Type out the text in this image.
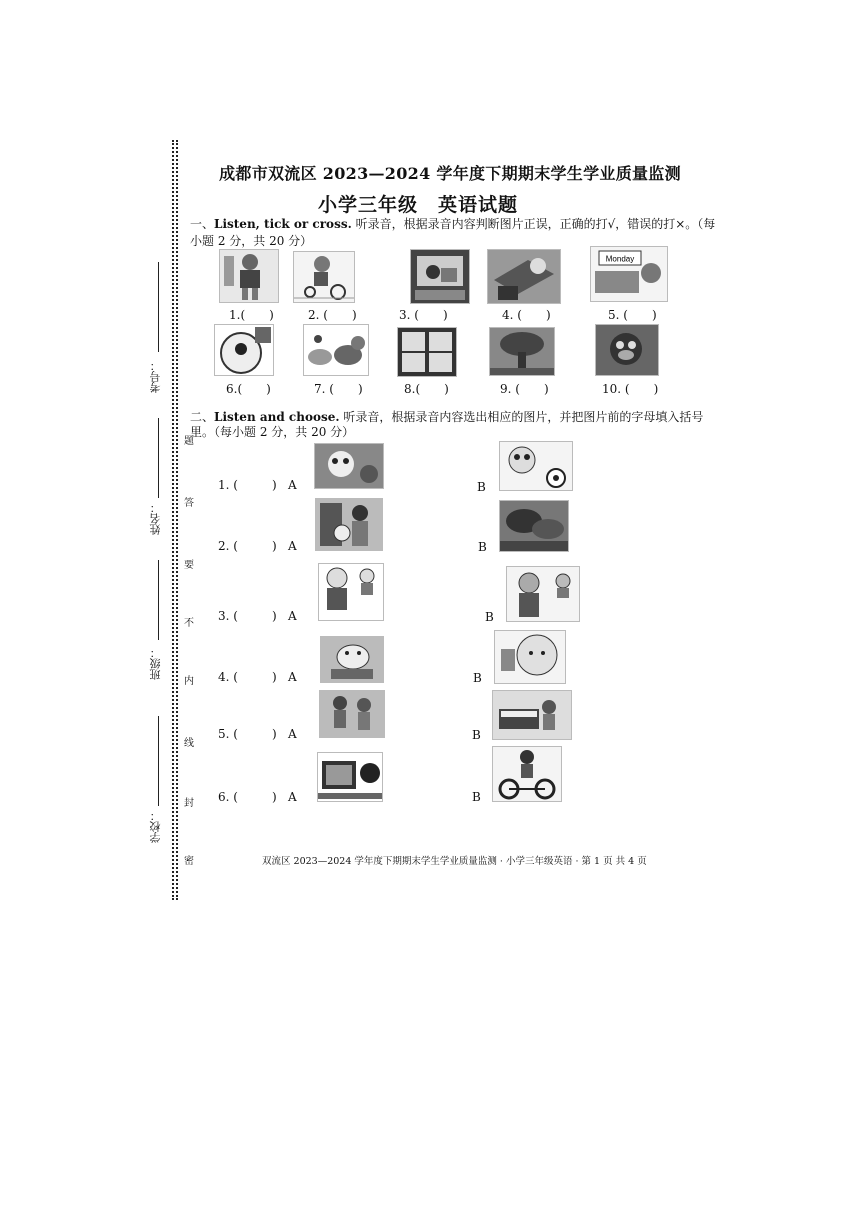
考号：
姓名：
班级：
学校：
题
答
要
不
内
线
封
密
成都市双流区 2023—2024 学年度下期期末学生学业质量监测
小学三年级　英语试题
一、Listen, tick or cross. 听录音，根据录音内容判断图片正误，正确的打√，错误的打×。（每
小题 2 分，共 20 分）
Monday
1.(　　)	2. (　　)	3. (　　)	4. (　　)	5. (　　)
6.(　　)	7. (　　)	8.(　　)	9. (　　)	10. (　　)
二、Listen and choose. 听录音，根据录音内容选出相应的图片，并把图片前的字母填入括号
里。（每小题 2 分，共 20 分）
1. (	) A	B
2. (	) A	B
3. (	) A	B
4. (	) A	B
5. (	) A	B
6. (	) A	B
双流区 2023—2024 学年度下期期末学生学业质量监测 · 小学三年级英语 · 第 1 页 共 4 页
